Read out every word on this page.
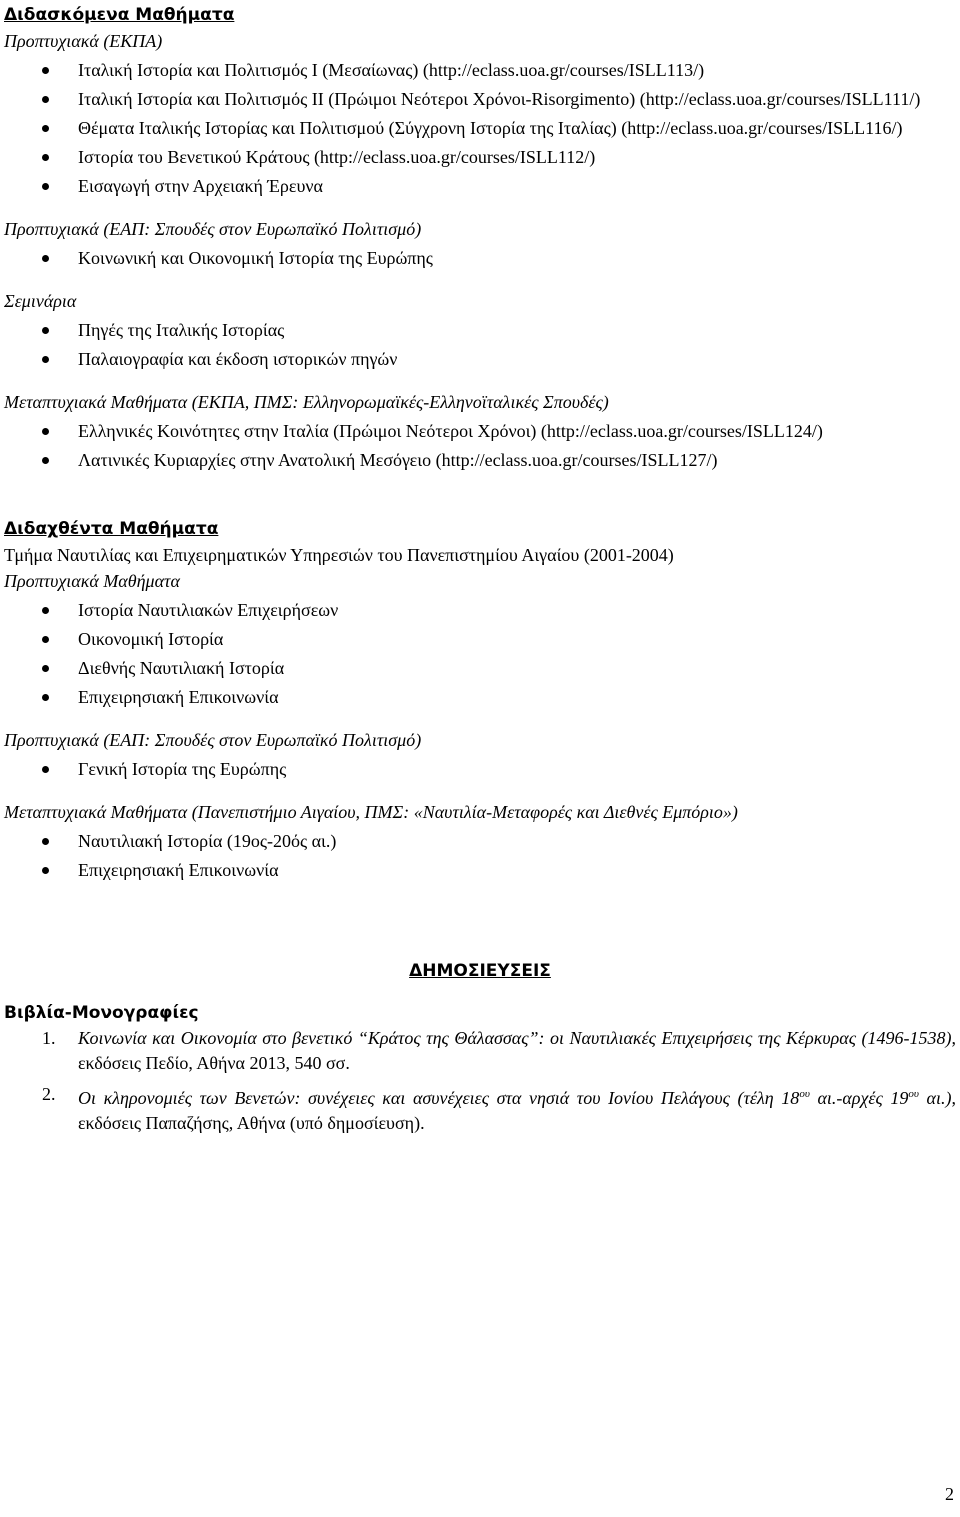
Διδασκόμενα Μαθήματα
Προπτυχιακά (ΕΚΠΑ)
Ιταλική Ιστορία και Πολιτισμός Ι (Μεσαίωνας) (http://eclass.uoa.gr/courses/ISLL113/)
Ιταλική Ιστορία και Πολιτισμός ΙΙ (Πρώιμοι Νεότεροι Χρόνοι-Risorgimento) (http://eclass.uoa.gr/courses/ISLL111/)
Θέματα Ιταλικής Ιστορίας και Πολιτισμού (Σύγχρονη Ιστορία της Ιταλίας) (http://eclass.uoa.gr/courses/ISLL116/)
Ιστορία του Βενετικού Κράτους (http://eclass.uoa.gr/courses/ISLL112/)
Εισαγωγή στην Αρχειακή Έρευνα
Προπτυχιακά (ΕΑΠ: Σπουδές στον Ευρωπαϊκό Πολιτισμό)
Κοινωνική και Οικονομική Ιστορία της Ευρώπης
Σεμινάρια
Πηγές της Ιταλικής Ιστορίας
Παλαιογραφία και έκδοση ιστορικών πηγών
Μεταπτυχιακά Μαθήματα (ΕΚΠΑ, ΠΜΣ: Ελληνορωμαϊκές-Ελληνοϊταλικές Σπουδές)
Ελληνικές Κοινότητες στην Ιταλία (Πρώιμοι Νεότεροι Χρόνοι) (http://eclass.uoa.gr/courses/ISLL124/)
Λατινικές Κυριαρχίες στην Ανατολική Μεσόγειο (http://eclass.uoa.gr/courses/ISLL127/)
Διδαχθέντα Μαθήματα
Τμήμα Ναυτιλίας και Επιχειρηματικών Υπηρεσιών του Πανεπιστημίου Αιγαίου (2001-2004)
Προπτυχιακά Μαθήματα
Ιστορία Ναυτιλιακών Επιχειρήσεων
Οικονομική Ιστορία
Διεθνής Ναυτιλιακή Ιστορία
Επιχειρησιακή Επικοινωνία
Προπτυχιακά (ΕΑΠ: Σπουδές στον Ευρωπαϊκό Πολιτισμό)
Γενική Ιστορία της Ευρώπης
Μεταπτυχιακά Μαθήματα (Πανεπιστήμιο Αιγαίου, ΠΜΣ: «Ναυτιλία-Μεταφορές και Διεθνές Εμπόριο»)
Ναυτιλιακή Ιστορία (19ος-20ός αι.)
Επιχειρησιακή Επικοινωνία
ΔΗΜΟΣΙΕΥΣΕΙΣ
Βιβλία-Μονογραφίες
1. Κοινωνία και Οικονομία στο βενετικό “Κράτος της Θάλασσας”: οι Ναυτιλιακές Επιχειρήσεις της Κέρκυρας (1496-1538), εκδόσεις Πεδίο, Αθήνα 2013, 540 σσ.
2. Οι κληρονομιές των Βενετών: συνέχειες και ασυνέχειες στα νησιά του Ιονίου Πελάγους (τέλη $18^{o\upsilon}$ αι.-αρχές $19^{o\upsilon}$ αι.), εκδόσεις Παπαζήσης, Αθήνα (υπό δημοσίευση).
2
